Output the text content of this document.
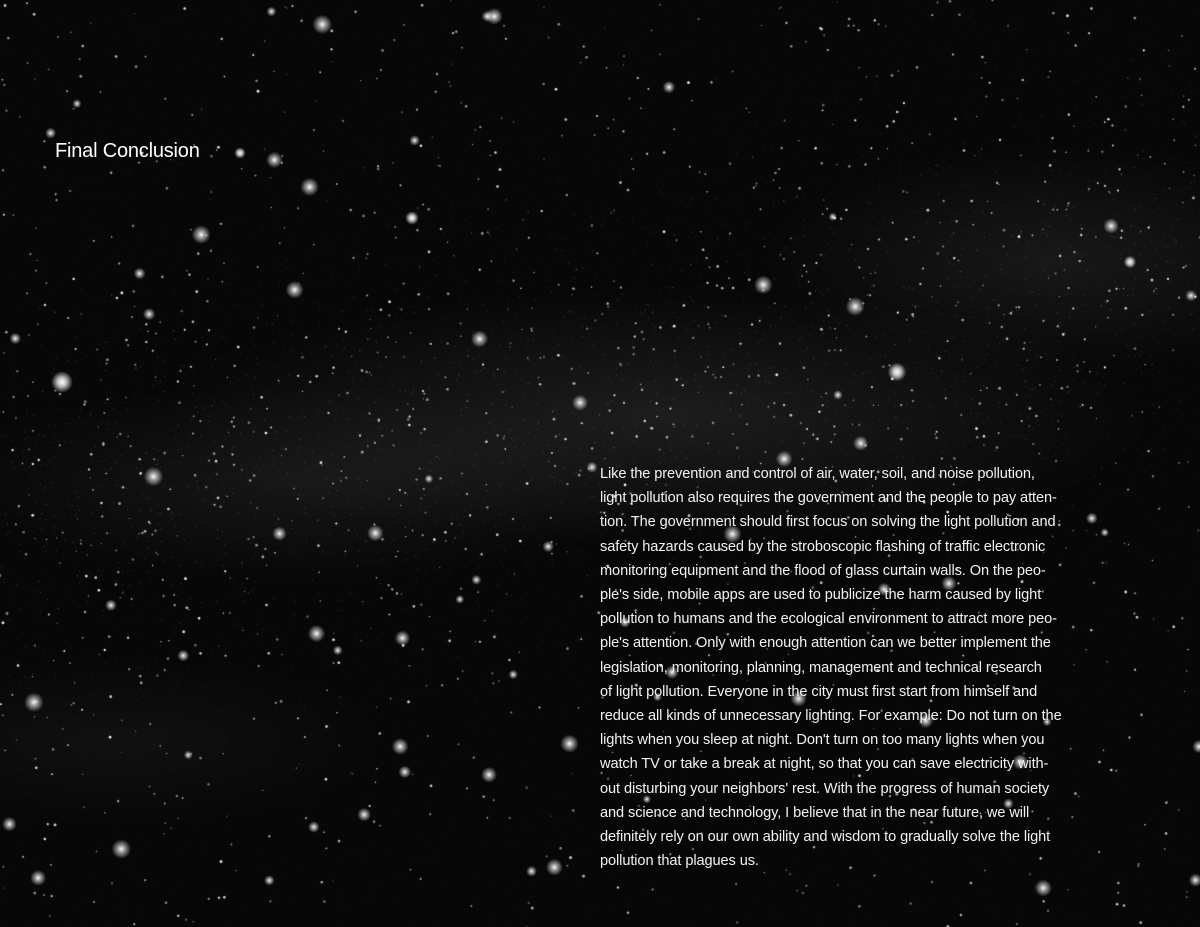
Final Conclusion

Like the prevention and control of air, water, soil, and noise pollution,
light pollution also requires the government and the people to pay atten-
tion. The government should first focus on solving the light pollution and
safety hazards caused by the stroboscopic flashing of traffic electronic
monitoring equipment and the flood of glass curtain walls. On the peo-
ple's side, mobile apps are used to publicize the harm caused by light
pollution to humans and the ecological environment to attract more peo-
ple's attention. Only with enough attention can we better implement the
legislation, monitoring, planning, management and technical research
of light pollution. Everyone in the city must first start from himself and
reduce all kinds of unnecessary lighting. For example: Do not turn on the
lights when you sleep at night. Don't turn on too many lights when you
watch TV or take a break at night, so that you can save electricity with-
out disturbing your neighbors' rest. With the progress of human society
and science and technology, I believe that in the near future, we will
definitely rely on our own ability and wisdom to gradually solve the light
pollution that plagues us.
